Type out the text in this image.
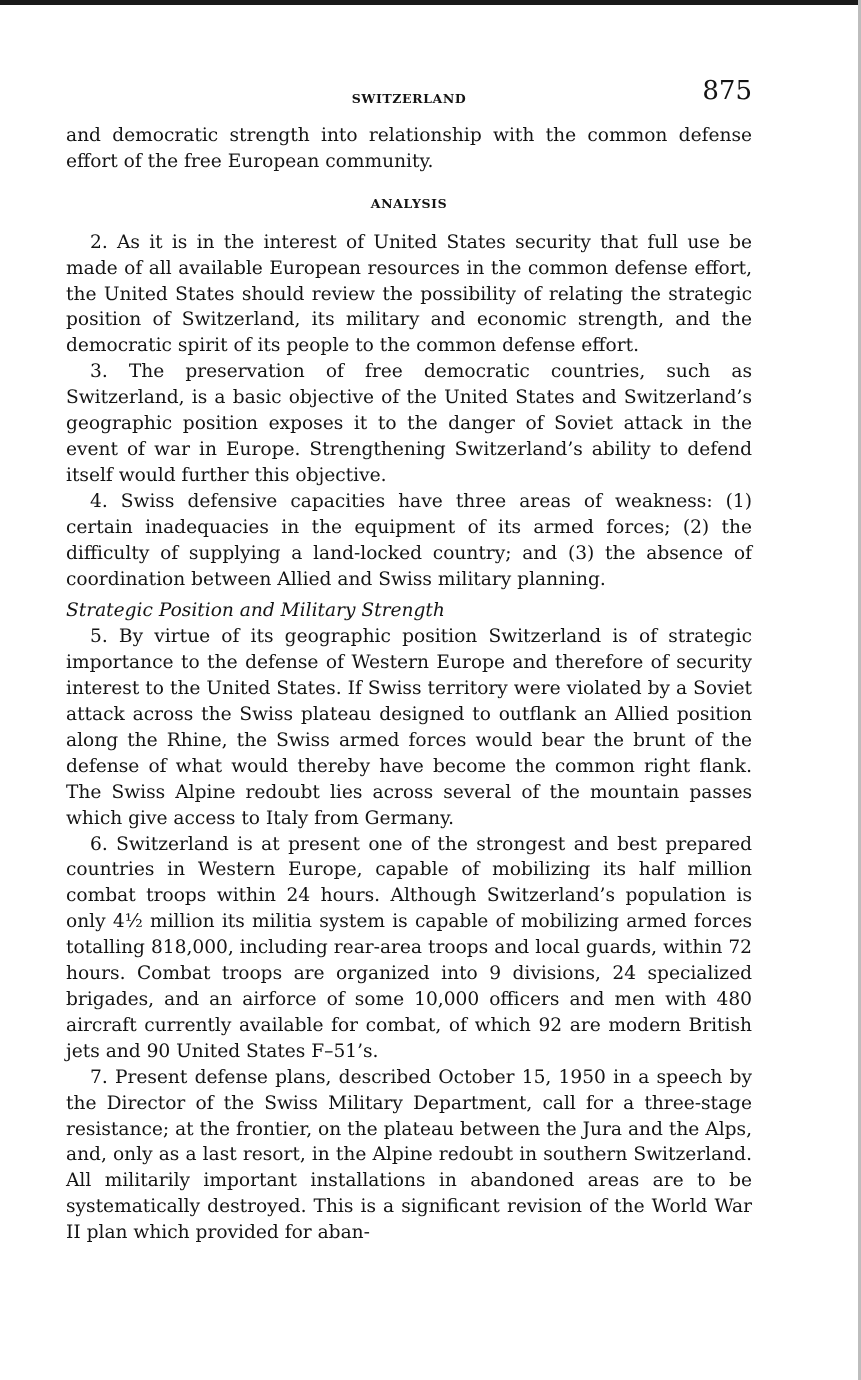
SWITZERLAND	875

and democratic strength into relationship with the common defense effort of the free European community.

ANALYSIS

2. As it is in the interest of United States security that full use be made of all available European resources in the common defense effort, the United States should review the possibility of relating the strategic position of Switzerland, its military and economic strength, and the democratic spirit of its people to the common defense effort.

3. The preservation of free democratic countries, such as Switzerland, is a basic objective of the United States and Switzerland’s geographic position exposes it to the danger of Soviet attack in the event of war in Europe. Strengthening Switzerland’s ability to defend itself would further this objective.

4. Swiss defensive capacities have three areas of weakness: (1) certain inadequacies in the equipment of its armed forces; (2) the difficulty of supplying a land-locked country; and (3) the absence of coordination between Allied and Swiss military planning.

Strategic Position and Military Strength

5. By virtue of its geographic position Switzerland is of strategic importance to the defense of Western Europe and therefore of security interest to the United States. If Swiss territory were violated by a Soviet attack across the Swiss plateau designed to outflank an Allied position along the Rhine, the Swiss armed forces would bear the brunt of the defense of what would thereby have become the common right flank. The Swiss Alpine redoubt lies across several of the mountain passes which give access to Italy from Germany.

6. Switzerland is at present one of the strongest and best prepared countries in Western Europe, capable of mobilizing its half million combat troops within 24 hours. Although Switzerland’s population is only 4½ million its militia system is capable of mobilizing armed forces totalling 818,000, including rear-area troops and local guards, within 72 hours. Combat troops are organized into 9 divisions, 24 specialized brigades, and an airforce of some 10,000 officers and men with 480 aircraft currently available for combat, of which 92 are modern British jets and 90 United States F–51’s.

7. Present defense plans, described October 15, 1950 in a speech by the Director of the Swiss Military Department, call for a three-stage resistance; at the frontier, on the plateau between the Jura and the Alps, and, only as a last resort, in the Alpine redoubt in southern Switzerland. All militarily important installations in abandoned areas are to be systematically destroyed. This is a significant revision of the World War II plan which provided for aban-
